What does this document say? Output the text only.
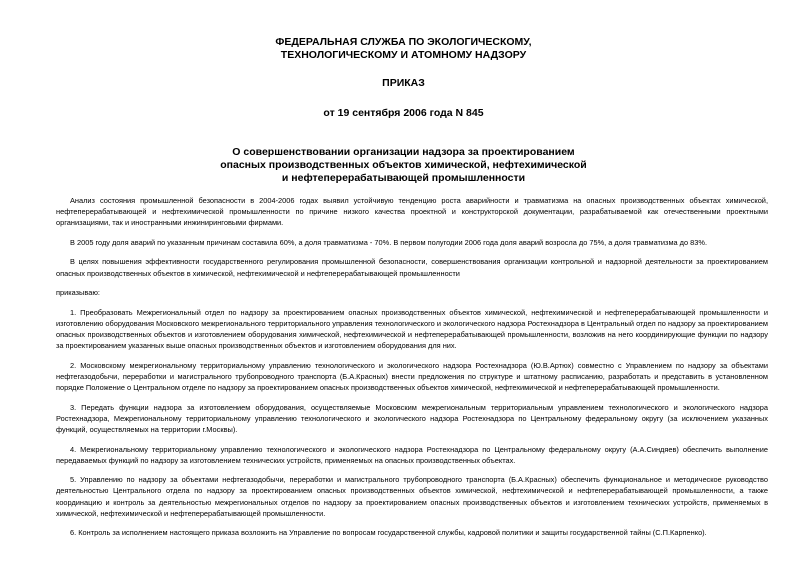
ФЕДЕРАЛЬНАЯ СЛУЖБА ПО ЭКОЛОГИЧЕСКОМУ,
ТЕХНОЛОГИЧЕСКОМУ И АТОМНОМУ НАДЗОРУ
ПРИКАЗ
от 19 сентября 2006 года N 845
О совершенствовании организации надзора за проектированием
опасных производственных объектов химической, нефтехимической
и нефтеперерабатывающей промышленности

Анализ состояния промышленной безопасности в 2004-2006 годах выявил устойчивую тенденцию роста аварийности и травматизма на опасных производственных объектах химической, нефтеперерабатывающей и нефтехимической промышленности по причине низкого качества проектной и конструкторской документации, разрабатываемой как отечественными проектными организациями, так и иностранными инжиниринговыми фирмами.

В 2005 году доля аварий по указанным причинам составила 60%, а доля травматизма - 70%. В первом полугодии 2006 года доля аварий возросла до 75%, а доля травматизма до 83%.

В целях повышения эффективности государственного регулирования промышленной безопасности, совершенствования организации контрольной и надзорной деятельности за проектированием опасных производственных объектов в химической, нефтехимической и нефтеперерабатывающей промышленности

приказываю:

1. Преобразовать Межрегиональный отдел по надзору за проектированием опасных производственных объектов химической, нефтехимической и нефтеперерабатывающей промышленности и изготовлению оборудования Московского межрегионального территориального управления технологического и экологического надзора Ростехнадзора в Центральный отдел по надзору за проектированием опасных производственных объектов и изготовлением оборудования химической, нефтехимической и нефтеперерабатывающей промышленности, возложив на него координирующие функции по надзору за проектированием указанных выше опасных производственных объектов и изготовлением оборудования для них.

2. Московскому межрегиональному территориальному управлению технологического и экологического надзора Ростехнадзора (Ю.В.Артюх) совместно с Управлением по надзору за объектами нефтегазодобычи, переработки и магистрального трубопроводного транспорта (Б.А.Красных) внести предложения по структуре и штатному расписанию, разработать и представить в установленном порядке Положение о Центральном отделе по надзору за проектированием опасных производственных объектов химической, нефтехимической и нефтеперерабатывающей промышленности.

3. Передать функции надзора за изготовлением оборудования, осуществляемые Московским межрегиональным территориальным управлением технологического и экологического надзора Ростехнадзора, Межрегиональному территориальному управлению технологического и экологического надзора Ростехнадзора по Центральному федеральному округу (за исключением указанных функций, осуществляемых на территории г.Москвы).

4. Межрегиональному территориальному управлению технологического и экологического надзора Ростехнадзора по Центральному федеральному округу (А.А.Синдяев) обеспечить выполнение передаваемых функций по надзору за изготовлением технических устройств, применяемых на опасных производственных объектах.

5. Управлению по надзору за объектами нефтегазодобычи, переработки и магистрального трубопроводного транспорта (Б.А.Красных) обеспечить функциональное и методическое руководство деятельностью Центрального отдела по надзору за проектированием опасных производственных объектов химической, нефтехимической и нефтеперерабатывающей промышленности, а также координацию и контроль за деятельностью межрегиональных отделов по надзору за проектированием опасных производственных объектов и изготовлением технических устройств, применяемых в химической, нефтехимической и нефтеперерабатывающей промышленности.

6. Контроль за исполнением настоящего приказа возложить на Управление по вопросам государственной службы, кадровой политики и защиты государственной тайны (С.П.Карпенко).
